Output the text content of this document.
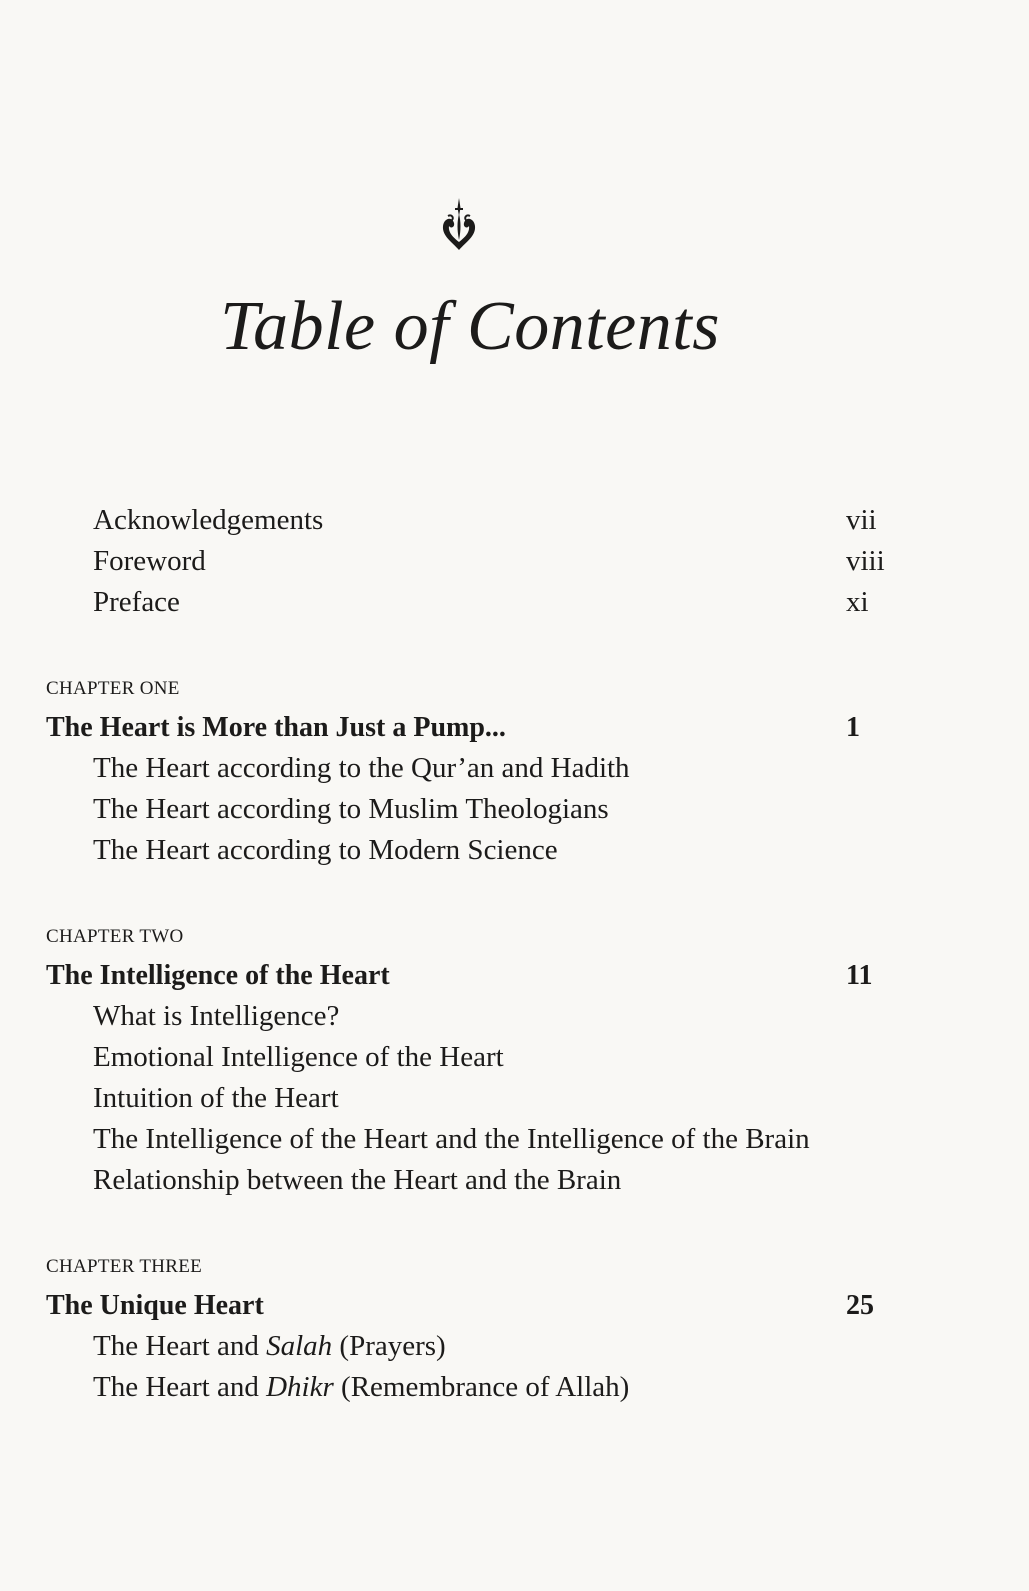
Table of Contents
Acknowledgements	vii
Foreword	viii
Preface	xi
CHAPTER ONE
The Heart is More than Just a Pump...	1
The Heart according to the Qur’an and Hadith
The Heart according to Muslim Theologians
The Heart according to Modern Science
CHAPTER TWO
The Intelligence of the Heart	11
What is Intelligence?
Emotional Intelligence of the Heart
Intuition of the Heart
The Intelligence of the Heart and the Intelligence of the Brain
Relationship between the Heart and the Brain
CHAPTER THREE
The Unique Heart	25
The Heart and Salah (Prayers)
The Heart and Dhikr (Remembrance of Allah)
